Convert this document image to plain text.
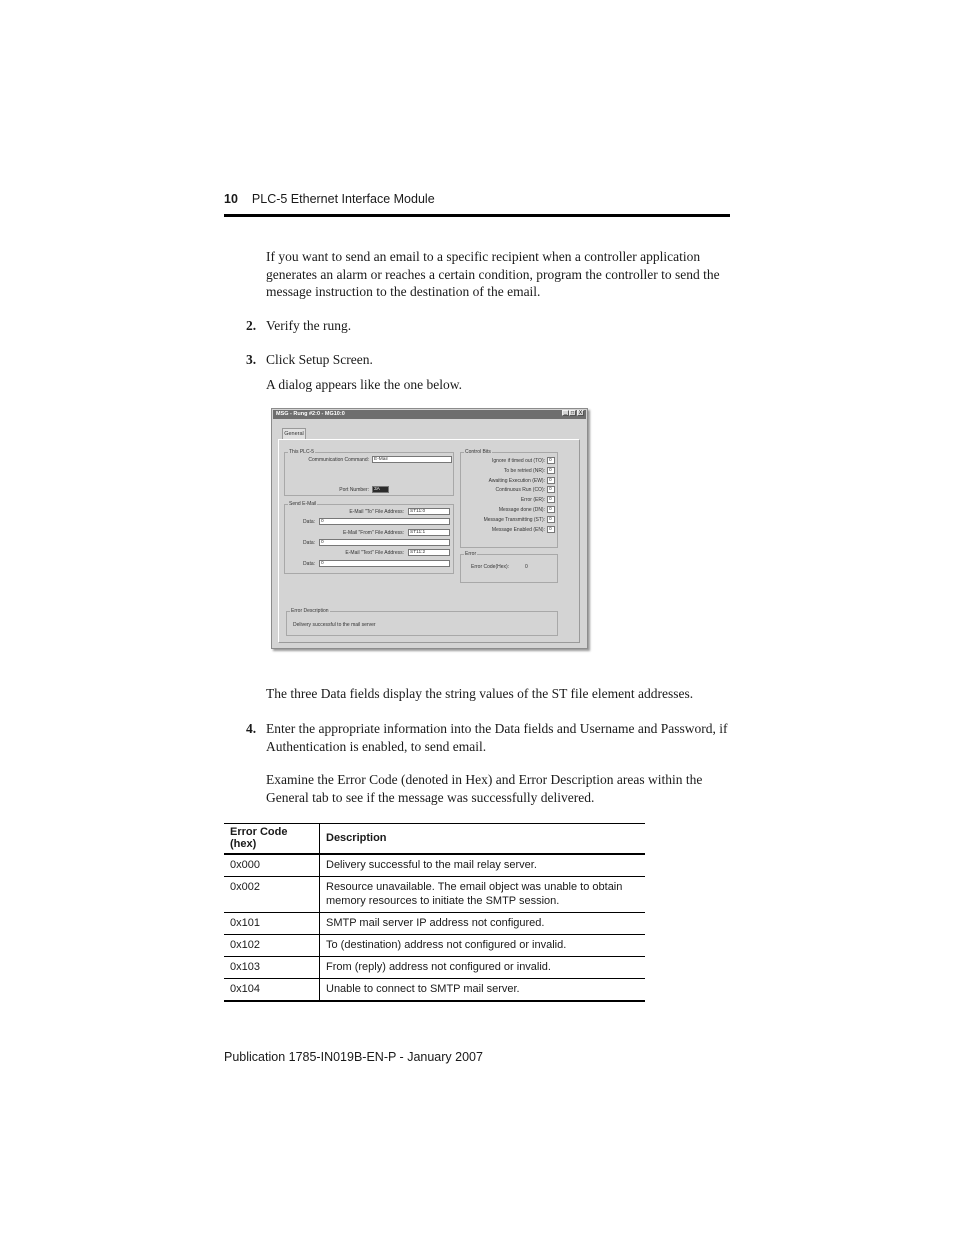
10 PLC-5 Ethernet Interface Module
If you want to send an email to a specific recipient when a controller application generates an alarm or reaches a certain condition, program the controller to send the message instruction to the destination of the email.
2. Verify the rung.
3. Click Setup Screen.
A dialog appears like the one below.
MSG - Rung #2:0 - MG10:0	_ □ X
General
This PLC-5
Communication Command:	E-Mail
Port Number:	3A
Send E-Mail
E-Mail "To" File Address:	ST11:0
Data:	0
E-Mail "From" File Address:	ST11:1
Data:	0
E-Mail "Text" File Address:	ST11:2
Data:	0
Control Bits
Ignore if timed out (TO): 0
To be retried (NR): 0
Awaiting Execution (EW): 0
Continuous Run (CO): 0
Error (ER): 0
Message done (DN): 0
Message Transmitting (ST): 0
Message Enabled (EN): 0
Error
Error Code(Hex):	0
Error Description
Delivery successful to the mail server
The three Data fields display the string values of the ST file element addresses.
4. Enter the appropriate information into the Data fields and Username and Password, if Authentication is enabled, to send email.
Examine the Error Code (denoted in Hex) and Error Description areas within the General tab to see if the message was successfully delivered.
Error Code (hex)	Description
0x000	Delivery successful to the mail relay server.
0x002	Resource unavailable. The email object was unable to obtain memory resources to initiate the SMTP session.
0x101	SMTP mail server IP address not configured.
0x102	To (destination) address not configured or invalid.
0x103	From (reply) address not configured or invalid.
0x104	Unable to connect to SMTP mail server.
Publication 1785-IN019B-EN-P - January 2007
